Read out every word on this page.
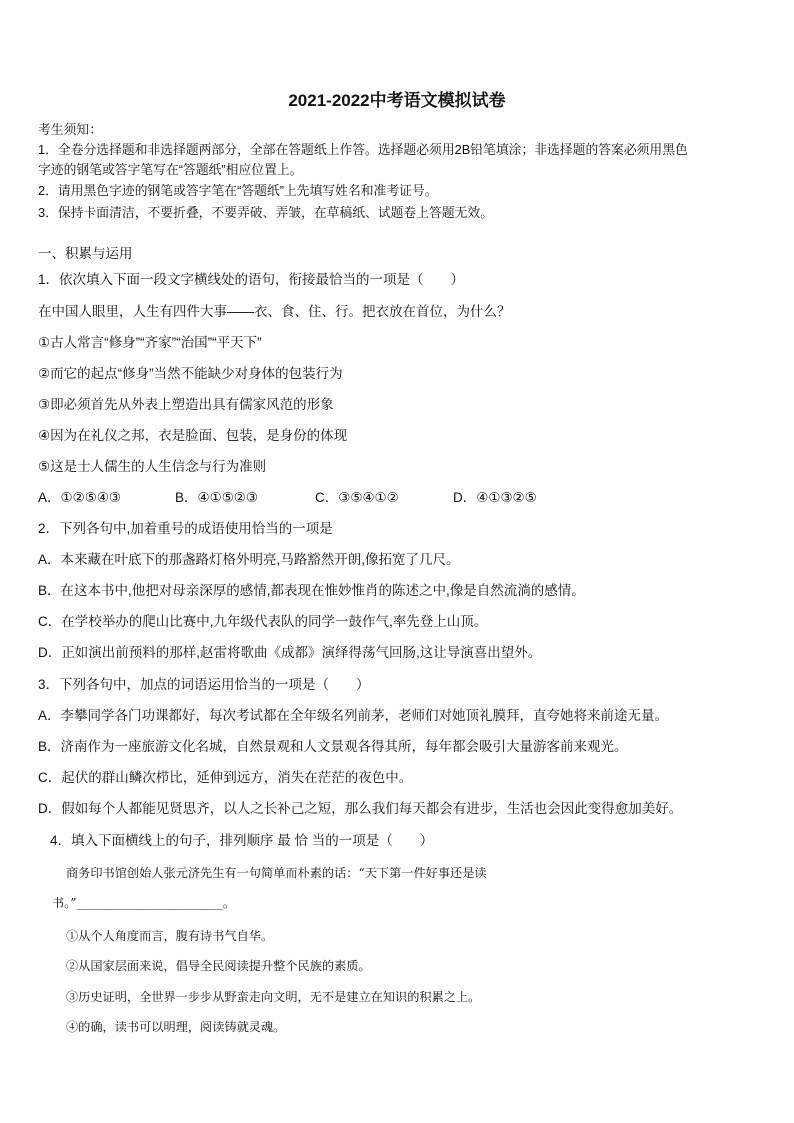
2021-2022中考语文模拟试卷
考生须知：
1．全卷分选择题和非选择题两部分，全部在答题纸上作答。选择题必须用2B铅笔填涂；非选择题的答案必须用黑色
字迹的钢笔或答字笔写在“答题纸”相应位置上。
2．请用黑色字迹的钢笔或答字笔在“答题纸”上先填写姓名和准考证号。
3．保持卡面清洁，不要折叠，不要弄破、弄皱，在草稿纸、试题卷上答题无效。
一、积累与运用
1．依次填入下面一段文字横线处的语句，衔接最恰当的一项是（　　）
在中国人眼里，人生有四件大事——衣、食、住、行。把衣放在首位，为什么？
①古人常言“修身”“齐家”“治国”“平天下”
②而它的起点“修身”当然不能缺少对身体的包装行为
③即必须首先从外表上塑造出具有儒家风范的形象
④因为在礼仪之邦，衣是脸面、包装，是身份的体现
⑤这是士人儒生的人生信念与行为准则
A．①②⑤④③	B．④①⑤②③	C．③⑤④①②	D．④①③②⑤
2．下列各句中,加着重号的成语使用恰当的一项是
A．本来藏在叶底下的那盏路灯格外明亮,马路豁然开朗,像拓宽了几尺。
B．在这本书中,他把对母亲深厚的感情,都表现在惟妙惟肖的陈述之中,像是自然流淌的感情。
C．在学校举办的爬山比赛中,九年级代表队的同学一鼓作气,率先登上山顶。
D．正如演出前预料的那样,赵雷将歌曲《成都》演绎得荡气回肠,这让导演喜出望外。
3．下列各句中，加点的词语运用恰当的一项是（　　）
A．李攀同学各门功课都好，每次考试都在全年级名列前茅，老师们对她顶礼膜拜，直夸她将来前途无量。
B．济南作为一座旅游文化名城，自然景观和人文景观各得其所，每年都会吸引大量游客前来观光。
C．起伏的群山鳞次栉比，延伸到远方，消失在茫茫的夜色中。
D．假如每个人都能见贤思齐，以人之长补己之短，那么我们每天都会有进步，生活也会因此变得愈加美好。
4．填入下面横线上的句子，排列顺序 最 恰 当的一项是（　　）
商务印书馆创始人张元济先生有一句简单而朴素的话：“天下第一件好事还是读
书。”________________________。
①从个人角度而言，腹有诗书气自华。
②从国家层面来说，倡导全民阅读提升整个民族的素质。
③历史证明，全世界一步步从野蛮走向文明，无不是建立在知识的积累之上。
④的确，读书可以明理，阅读铸就灵魂。
